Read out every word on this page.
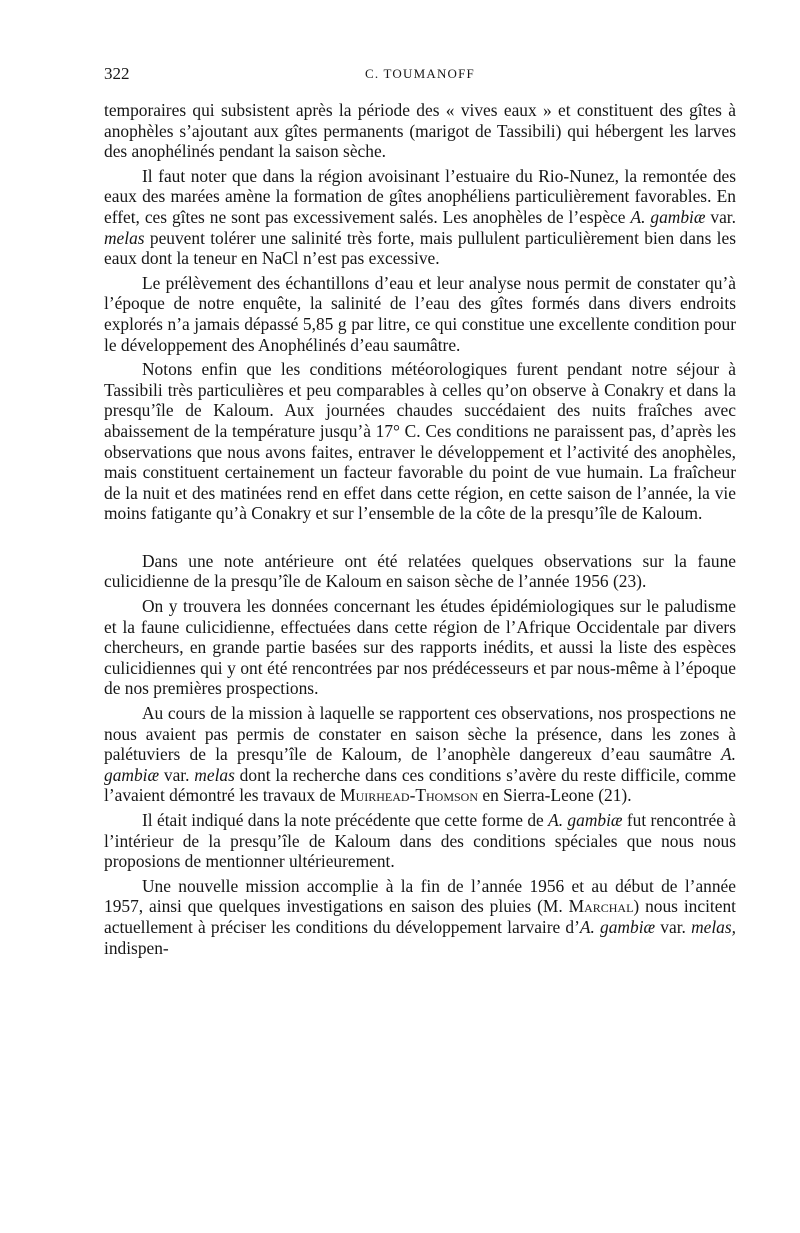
322	C. TOUMANOFF

temporaires qui subsistent après la période des « vives eaux » et constituent des gîtes à anophèles s’ajoutant aux gîtes permanents (marigot de Tassibili) qui hébergent les larves des anophélinés pendant la saison sèche.

Il faut noter que dans la région avoisinant l’estuaire du Rio-Nunez, la remontée des eaux des marées amène la formation de gîtes anophéliens particulièrement favorables. En effet, ces gîtes ne sont pas excessivement salés. Les anophèles de l’espèce A. gambiæ var. melas peuvent tolérer une salinité très forte, mais pullulent particulièrement bien dans les eaux dont la teneur en NaCl n’est pas excessive.

Le prélèvement des échantillons d’eau et leur analyse nous permit de constater qu’à l’époque de notre enquête, la salinité de l’eau des gîtes formés dans divers endroits explorés n’a jamais dépassé 5,85 g par litre, ce qui constitue une excellente condition pour le développement des Anophélinés d’eau saumâtre.

Notons enfin que les conditions météorologiques furent pendant notre séjour à Tassibili très particulières et peu comparables à celles qu’on observe à Conakry et dans la presqu’île de Kaloum. Aux journées chaudes succédaient des nuits fraîches avec abaissement de la température jusqu’à 17° C. Ces conditions ne paraissent pas, d’après les observations que nous avons faites, entraver le développement et l’activité des anophèles, mais constituent certainement un facteur favorable du point de vue humain. La fraîcheur de la nuit et des matinées rend en effet dans cette région, en cette saison de l’année, la vie moins fatigante qu’à Conakry et sur l’ensemble de la côte de la presqu’île de Kaloum.

Dans une note antérieure ont été relatées quelques observations sur la faune culicidienne de la presqu’île de Kaloum en saison sèche de l’année 1956 (23).

On y trouvera les données concernant les études épidémiologiques sur le paludisme et la faune culicidienne, effectuées dans cette région de l’Afrique Occidentale par divers chercheurs, en grande partie basées sur des rapports inédits, et aussi la liste des espèces culicidiennes qui y ont été rencontrées par nos prédécesseurs et par nous-même à l’époque de nos premières prospections.

Au cours de la mission à laquelle se rapportent ces observations, nos prospections ne nous avaient pas permis de constater en saison sèche la présence, dans les zones à palétuviers de la presqu’île de Kaloum, de l’anophèle dangereux d’eau saumâtre A. gambiæ var. melas dont la recherche dans ces conditions s’avère du reste difficile, comme l’avaient démontré les travaux de Muirhead-Thomson en Sierra-Leone (21).

Il était indiqué dans la note précédente que cette forme de A. gambiæ fut rencontrée à l’intérieur de la presqu’île de Kaloum dans des conditions spéciales que nous nous proposions de mentionner ultérieurement.

Une nouvelle mission accomplie à la fin de l’année 1956 et au début de l’année 1957, ainsi que quelques investigations en saison des pluies (M. Marchal) nous incitent actuellement à préciser les conditions du développement larvaire d’A. gambiæ var. melas, indispen-
